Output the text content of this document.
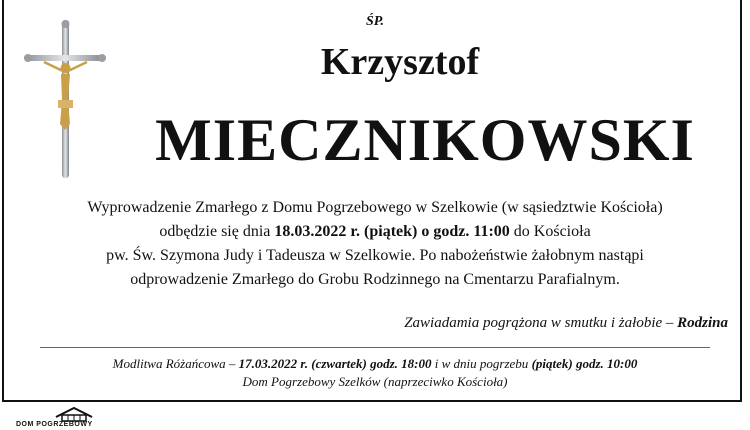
ŚP.
Krzysztof
MIECZNIKOWSKI
Wyprowadzenie Zmarłego z Domu Pogrzebowego w Szelkowie (w sąsiedztwie Kościoła)
odbędzie się dnia 18.03.2022 r. (piątek) o godz. 11:00 do Kościoła
pw. Św. Szymona Judy i Tadeusza w Szelkowie. Po nabożeństwie żałobnym nastąpi
odprowadzenie Zmarłego do Grobu Rodzinnego na Cmentarzu Parafialnym.
Zawiadamia pogrążona w smutku i żałobie – Rodzina
Modlitwa Różańcowa – 17.03.2022 r. (czwartek) godz. 18:00 i w dniu pogrzebu (piątek) godz. 10:00
Dom Pogrzebowy Szelków (naprzeciwko Kościoła)
DOM POGRZEBOWY
